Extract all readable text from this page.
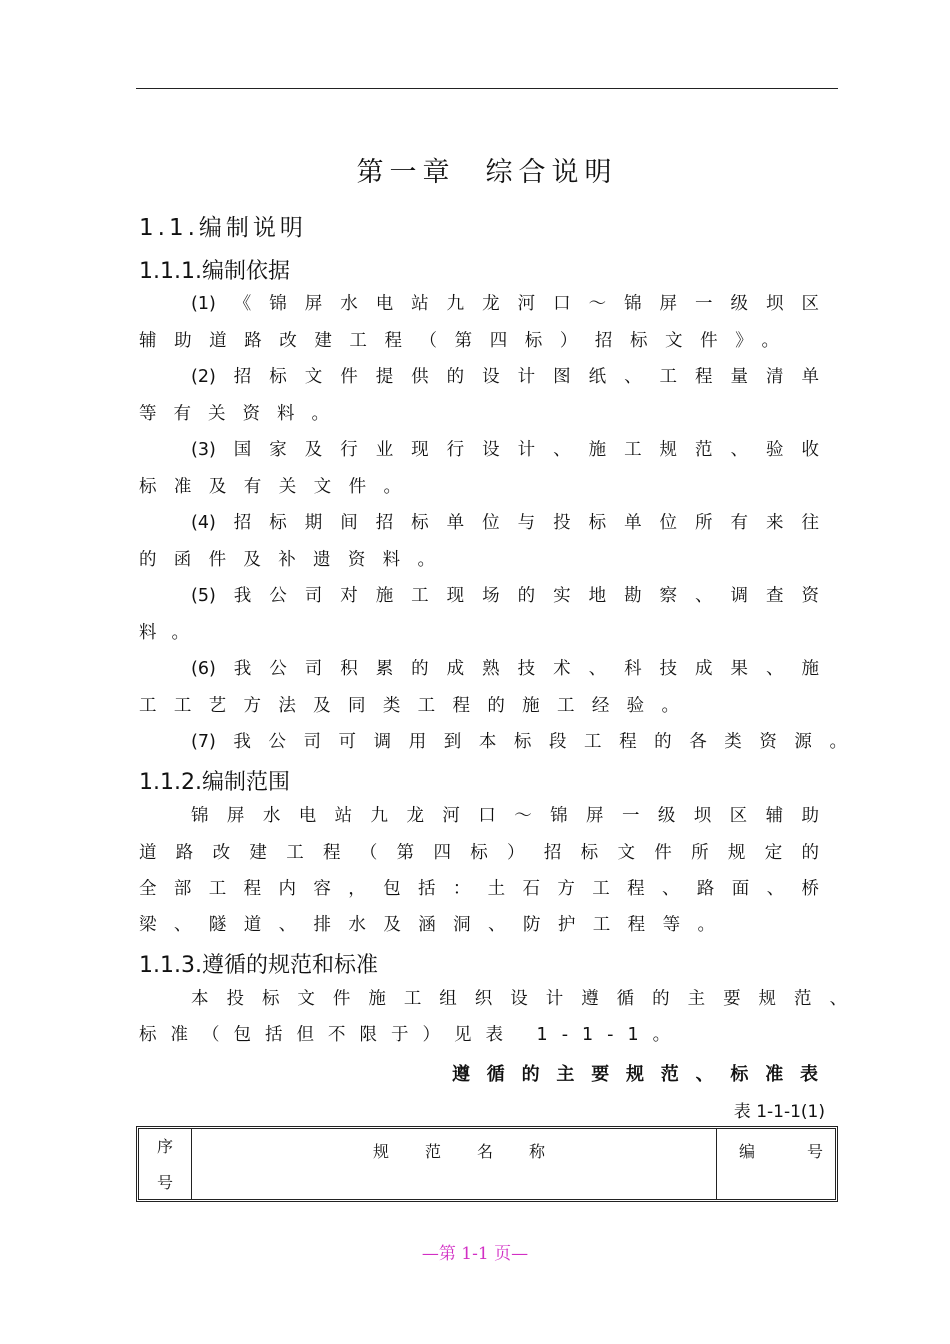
第一章 综合说明
1.1.编制说明
1.1.1.编制依据
(1)《锦屏水电站九龙河口～锦屏一级坝区
辅助道路改建工程（第四标）招标文件》。
(2)招标文件提供的设计图纸、工程量清单
等有关资料。
(3)国家及行业现行设计、施工规范、验收
标准及有关文件。
(4)招标期间招标单位与投标单位所有来往
的函件及补遗资料。
(5)我公司对施工现场的实地勘察、调查资
料。
(6)我公司积累的成熟技术、科技成果、施
工工艺方法及同类工程的施工经验。
(7)我公司可调用到本标段工程的各类资源。
1.1.2.编制范围
锦屏水电站九龙河口～锦屏一级坝区辅助
道路改建工程（第四标）招标文件所规定的
全部工程内容，包括：土石方工程、路面、桥
梁、隧道、排水及涵洞、防护工程等。
1.1.3.遵循的规范和标准
本投标文件施工组织设计遵循的主要规范、
标准（包括但不限于）见表 1-1-1。
遵循的主要规范、标准表
表 1-1-1(1)
序
号
规范名称	编号
—第 1-1 页—
